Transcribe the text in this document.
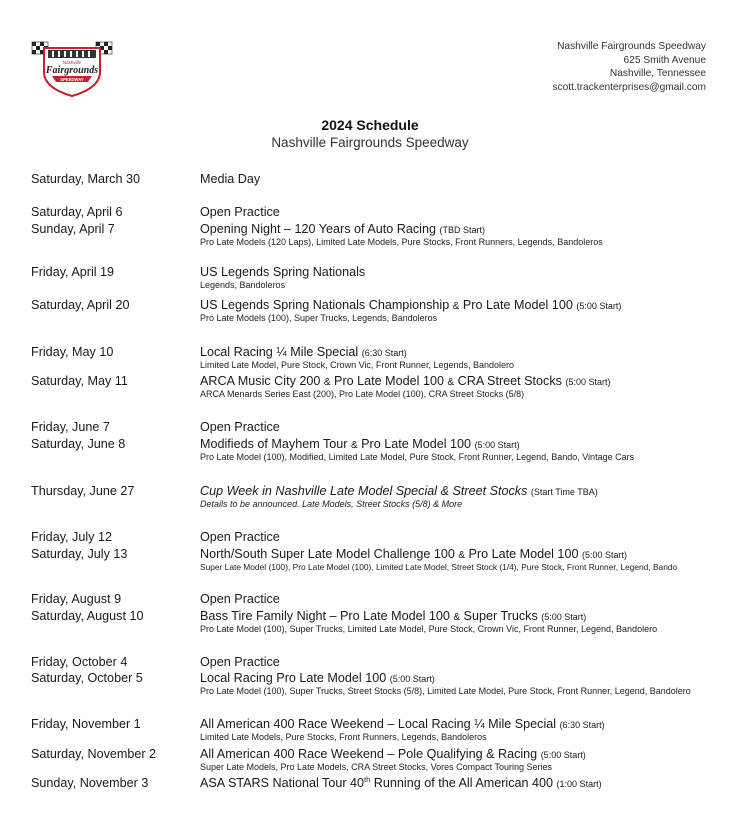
Nashville
Fairgrounds
SPEEDWAY
Nashville Fairgrounds Speedway
625 Smith Avenue
Nashville, Tennessee
scott.trackenterprises@gmail.com
2024 Schedule
Nashville Fairgrounds Speedway
Saturday, March 30	Media Day
Saturday, April 6	Open Practice
Sunday, April 7	Opening Night – 120 Years of Auto Racing (TBD Start)
Pro Late Models (120 Laps), Limited Late Models, Pure Stocks, Front Runners, Legends, Bandoleros
Friday, April 19	US Legends Spring Nationals
Legends, Bandoleros
Saturday, April 20	US Legends Spring Nationals Championship & Pro Late Model 100 (5:00 Start)
Pro Late Models (100), Super Trucks, Legends, Bandoleros
Friday, May 10	Local Racing ¼ Mile Special (6:30 Start)
Limited Late Model, Pure Stock, Crown Vic, Front Runner, Legends, Bandolero
Saturday, May 11	ARCA Music City 200 & Pro Late Model 100 & CRA Street Stocks (5:00 Start)
ARCA Menards Series East (200), Pro Late Model (100), CRA Street Stocks (5/8)
Friday, June 7	Open Practice
Saturday, June 8	Modifieds of Mayhem Tour & Pro Late Model 100 (5:00 Start)
Pro Late Model (100), Modified, Limited Late Model, Pure Stock, Front Runner, Legend, Bando, Vintage Cars
Thursday, June 27	Cup Week in Nashville Late Model Special & Street Stocks (Start Time TBA)
Details to be announced. Late Models, Street Stocks (5/8) & More
Friday, July 12	Open Practice
Saturday, July 13	North/South Super Late Model Challenge 100 & Pro Late Model 100 (5:00 Start)
Super Late Model (100), Pro Late Model (100), Limited Late Model, Street Stock (1/4), Pure Stock, Front Runner, Legend, Bando
Friday, August 9	Open Practice
Saturday, August 10	Bass Tire Family Night – Pro Late Model 100 & Super Trucks (5:00 Start)
Pro Late Model (100), Super Trucks, Limited Late Model, Pure Stock, Crown Vic, Front Runner, Legend, Bandolero
Friday, October 4	Open Practice
Saturday, October 5	Local Racing Pro Late Model 100 (5:00 Start)
Pro Late Model (100), Super Trucks, Street Stocks (5/8), Limited Late Model, Pure Stock, Front Runner, Legend, Bandolero
Friday, November 1	All American 400 Race Weekend – Local Racing ¼ Mile Special (6:30 Start)
Limited Late Models, Pure Stocks, Front Runners, Legends, Bandoleros
Saturday, November 2	All American 400 Race Weekend – Pole Qualifying & Racing (5:00 Start)
Super Late Models, Pro Late Models, CRA Street Stocks, Vores Compact Touring Series
Sunday, November 3	ASA STARS National Tour 40th Running of the All American 400 (1:00 Start)
